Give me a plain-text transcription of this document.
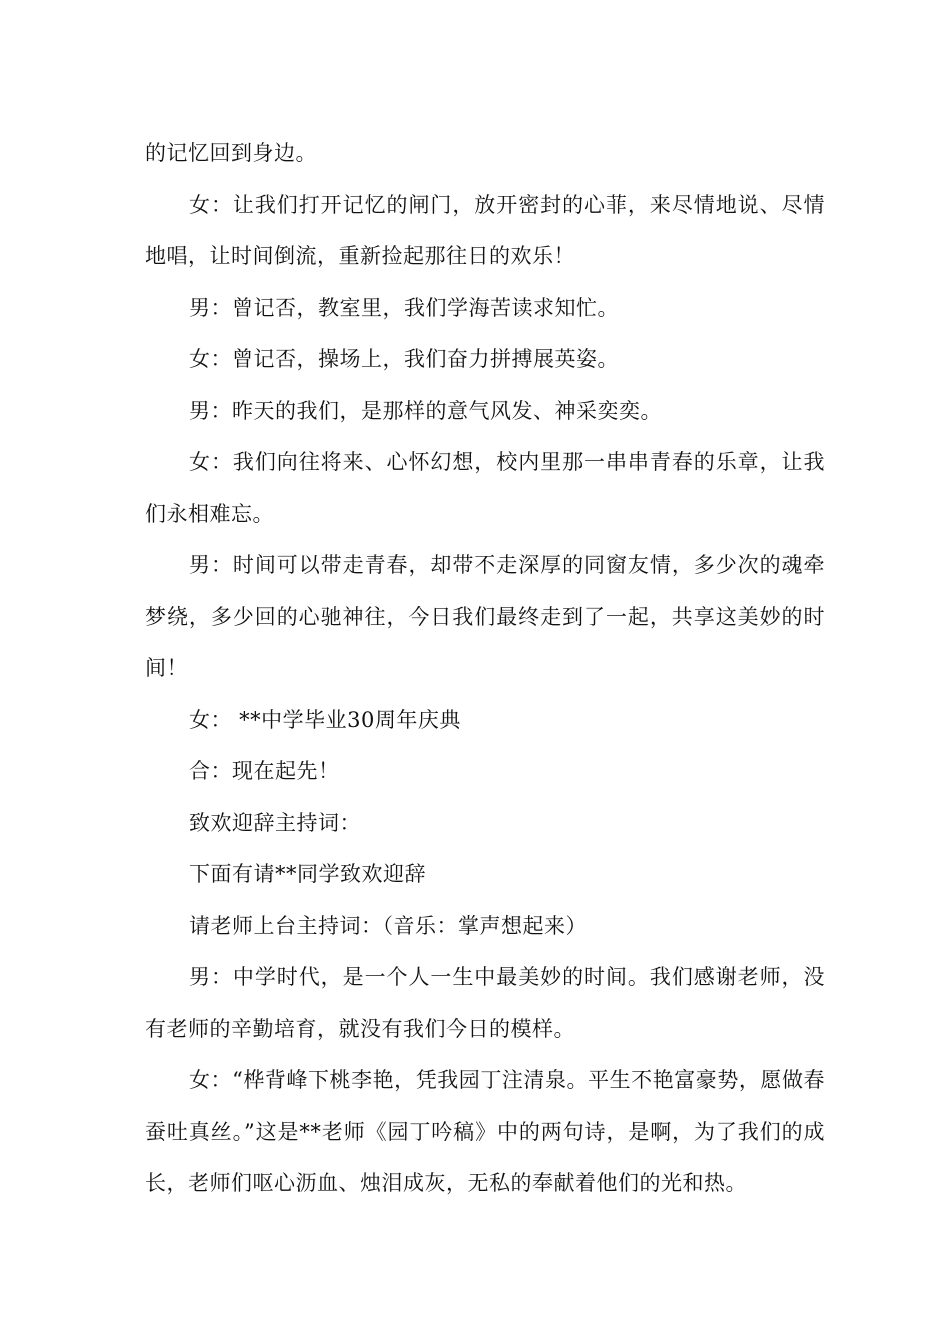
的记忆回到身边。

女：让我们打开记忆的闸门，放开密封的心菲，来尽情地说、尽情地唱，让时间倒流，重新捡起那往日的欢乐！

男：曾记否，教室里，我们学海苦读求知忙。

女：曾记否，操场上，我们奋力拼搏展英姿。

男：昨天的我们，是那样的意气风发、神采奕奕。

女：我们向往将来、心怀幻想，校内里那一串串青春的乐章，让我们永相难忘。

男：时间可以带走青春，却带不走深厚的同窗友情，多少次的魂牵梦绕，多少回的心驰神往，今日我们最终走到了一起，共享这美妙的时间！

女： **中学毕业30周年庆典

合：现在起先！

致欢迎辞主持词：

下面有请**同学致欢迎辞

请老师上台主持词：（音乐：掌声想起来）

男：中学时代，是一个人一生中最美妙的时间。我们感谢老师，没有老师的辛勤培育，就没有我们今日的模样。

女：“桦背峰下桃李艳，凭我园丁注清泉。平生不艳富豪势，愿做春蚕吐真丝。”这是**老师《园丁吟稿》中的两句诗，是啊，为了我们的成长，老师们呕心沥血、烛泪成灰，无私的奉献着他们的光和热。
